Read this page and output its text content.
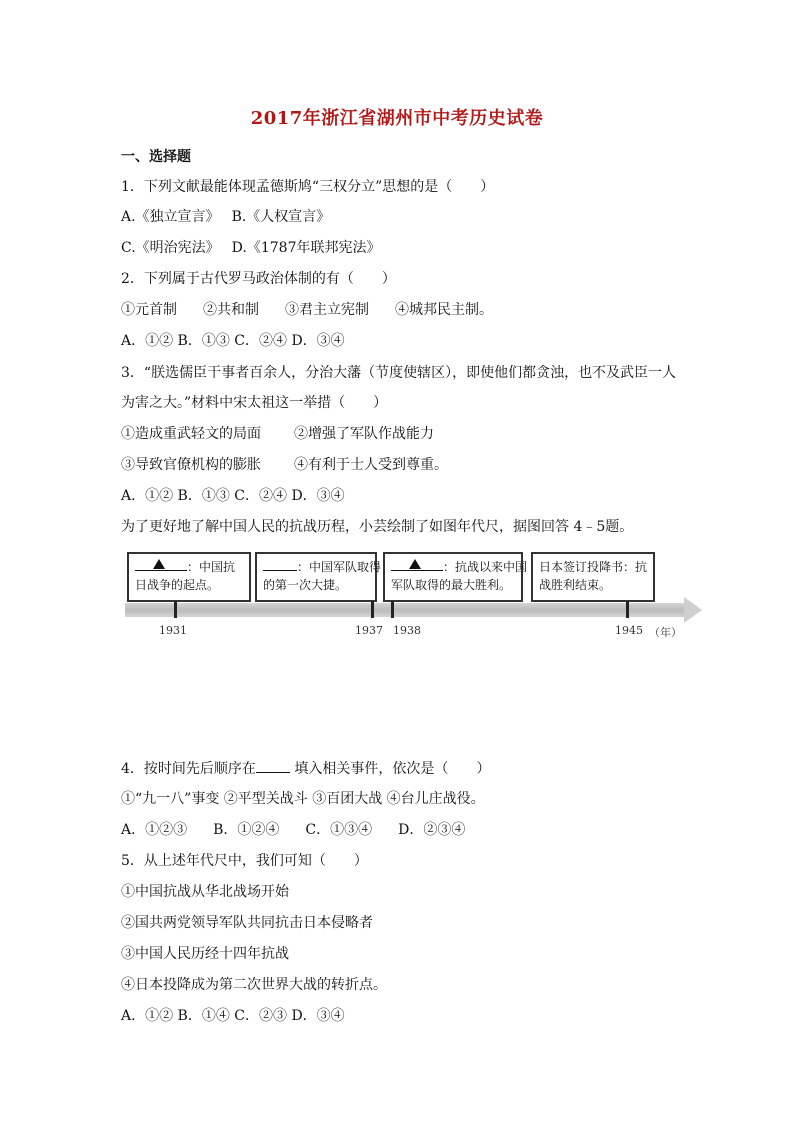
2017年浙江省湖州市中考历史试卷
一、选择题
1．下列文献最能体现孟德斯鸠“三权分立”思想的是（　　）
A.《独立宣言》 B.《人权宣言》
C.《明治宪法》 D.《1787年联邦宪法》
2．下列属于古代罗马政治体制的有（　　）
①元首制 ②共和制 ③君主立宪制 ④城邦民主制。
A．①② B．①③ C．②④ D．③④
3．“朕选儒臣干事者百余人，分治大藩（节度使辖区），即使他们都贪浊，也不及武臣一人
为害之大。”材料中宋太祖这一举措（　　）
①造成重武轻文的局面 ②增强了军队作战能力
③导致官僚机构的膨胀 ④有利于士人受到尊重。
A．①② B．①③ C．②④ D．③④
为了更好地了解中国人民的抗战历程，小芸绘制了如图年代尺，据图回答 4﹣5题。
：中国抗
日战争的起点。
：中国军队取得
的第一次大捷。
：抗战以来中国
军队取得的最大胜利。
日本签订投降书：抗
战胜利结束。
1931	1937 1938	1945 （年）
4．按时间先后顺序在 填入相关事件，依次是（　　）
①“九一八”事变 ②平型关战斗 ③百团大战 ④台儿庄战役。
A．①②③ B．①②④ C．①③④ D．②③④
5．从上述年代尺中，我们可知（　　）
①中国抗战从华北战场开始
②国共两党领导军队共同抗击日本侵略者
③中国人民历经十四年抗战
④日本投降成为第二次世界大战的转折点。
A．①② B．①④ C．②③ D．③④
